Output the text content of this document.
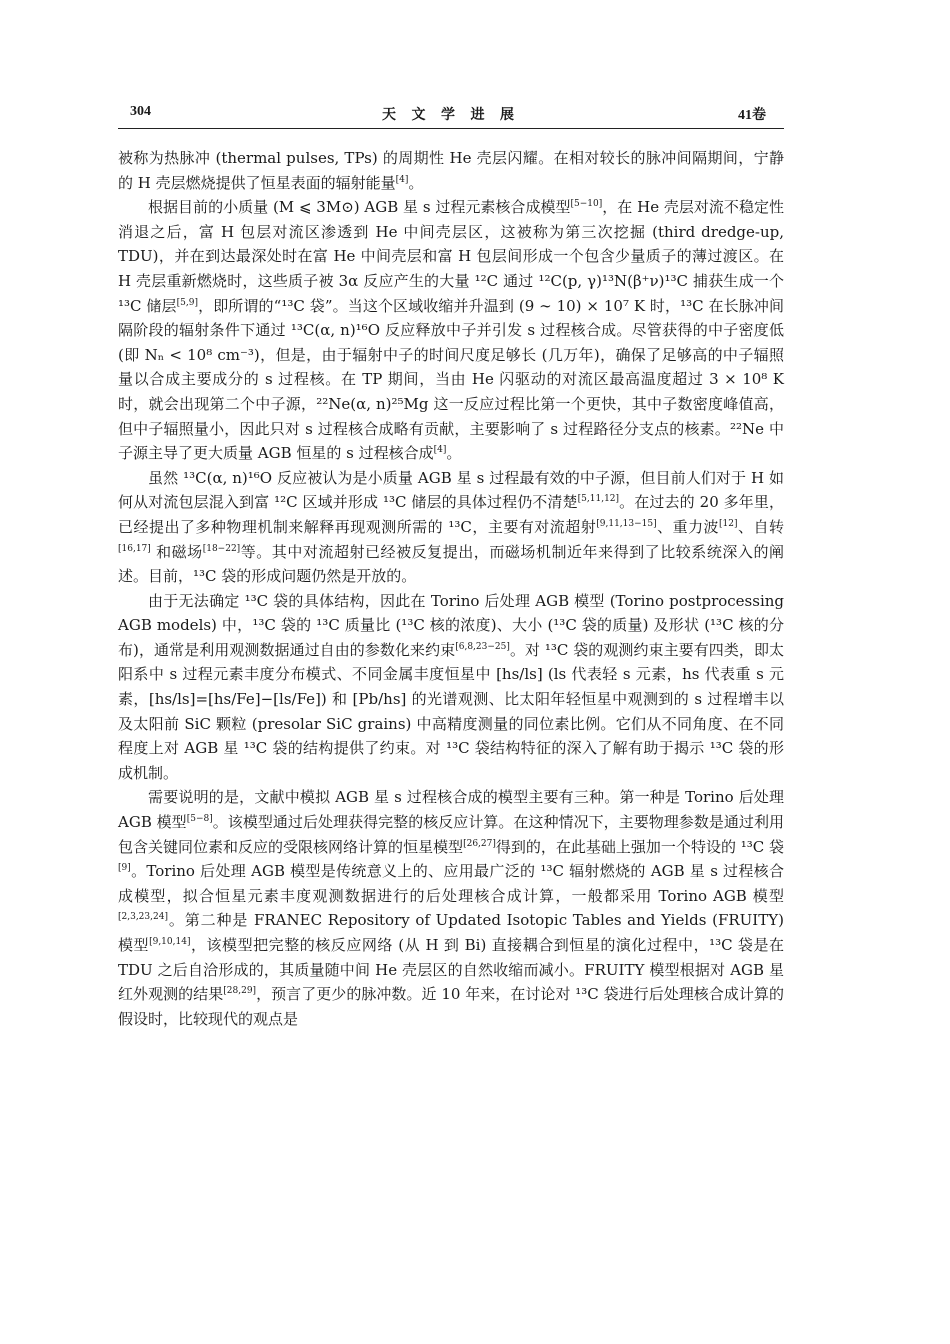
304	天 文 学 进 展	41卷

被称为热脉冲 (thermal pulses, TPs) 的周期性 He 壳层闪耀。在相对较长的脉冲间隔期间，宁静的 H 壳层燃烧提供了恒星表面的辐射能量[4]。

根据目前的小质量 (M ⩽ 3M⊙) AGB 星 s 过程元素核合成模型[5−10]，在 He 壳层对流不稳定性消退之后，富 H 包层对流区渗透到 He 中间壳层区，这被称为第三次挖掘 (third dredge-up, TDU)，并在到达最深处时在富 He 中间壳层和富 H 包层间形成一个包含少量质子的薄过渡区。在 H 壳层重新燃烧时，这些质子被 3α 反应产生的大量 ¹²C 通过 ¹²C(p, γ)¹³N(β⁺ν)¹³C 捕获生成一个 ¹³C 储层[5,9]，即所谓的“¹³C 袋”。当这个区域收缩并升温到 (9 ∼ 10) × 10⁷ K 时，¹³C 在长脉冲间隔阶段的辐射条件下通过 ¹³C(α, n)¹⁶O 反应释放中子并引发 s 过程核合成。尽管获得的中子密度低 (即 Nₙ < 10⁸ cm⁻³)，但是，由于辐射中子的时间尺度足够长 (几万年)，确保了足够高的中子辐照量以合成主要成分的 s 过程核。在 TP 期间，当由 He 闪驱动的对流区最高温度超过 3 × 10⁸ K 时，就会出现第二个中子源，²²Ne(α, n)²⁵Mg 这一反应过程比第一个更快，其中子数密度峰值高，但中子辐照量小，因此只对 s 过程核合成略有贡献，主要影响了 s 过程路径分支点的核素。²²Ne 中子源主导了更大质量 AGB 恒星的 s 过程核合成[4]。

虽然 ¹³C(α, n)¹⁶O 反应被认为是小质量 AGB 星 s 过程最有效的中子源，但目前人们对于 H 如何从对流包层混入到富 ¹²C 区域并形成 ¹³C 储层的具体过程仍不清楚[5,11,12]。在过去的 20 多年里，已经提出了多种物理机制来解释再现观测所需的 ¹³C，主要有对流超射[9,11,13−15]、重力波[12]、自转[16,17] 和磁场[18−22]等。其中对流超射已经被反复提出，而磁场机制近年来得到了比较系统深入的阐述。目前，¹³C 袋的形成问题仍然是开放的。

由于无法确定 ¹³C 袋的具体结构，因此在 Torino 后处理 AGB 模型 (Torino postprocessing AGB models) 中，¹³C 袋的 ¹³C 质量比 (¹³C 核的浓度)、大小 (¹³C 袋的质量) 及形状 (¹³C 核的分布)，通常是利用观测数据通过自由的参数化来约束[6,8,23−25]。对 ¹³C 袋的观测约束主要有四类，即太阳系中 s 过程元素丰度分布模式、不同金属丰度恒星中 [hs/ls] (ls 代表轻 s 元素，hs 代表重 s 元素，[hs/ls]=[hs/Fe]−[ls/Fe]) 和 [Pb/hs] 的光谱观测、比太阳年轻恒星中观测到的 s 过程增丰以及太阳前 SiC 颗粒 (presolar SiC grains) 中高精度测量的同位素比例。它们从不同角度、在不同程度上对 AGB 星 ¹³C 袋的结构提供了约束。对 ¹³C 袋结构特征的深入了解有助于揭示 ¹³C 袋的形成机制。

需要说明的是，文献中模拟 AGB 星 s 过程核合成的模型主要有三种。第一种是 Torino 后处理 AGB 模型[5−8]。该模型通过后处理获得完整的核反应计算。在这种情况下，主要物理参数是通过利用包含关键同位素和反应的受限核网络计算的恒星模型[26,27]得到的，在此基础上强加一个特设的 ¹³C 袋[9]。Torino 后处理 AGB 模型是传统意义上的、应用最广泛的 ¹³C 辐射燃烧的 AGB 星 s 过程核合成模型，拟合恒星元素丰度观测数据进行的后处理核合成计算，一般都采用 Torino AGB 模型[2,3,23,24]。第二种是 FRANEC Repository of Updated Isotopic Tables and Yields (FRUITY) 模型[9,10,14]，该模型把完整的核反应网络 (从 H 到 Bi) 直接耦合到恒星的演化过程中，¹³C 袋是在 TDU 之后自洽形成的，其质量随中间 He 壳层区的自然收缩而减小。FRUITY 模型根据对 AGB 星红外观测的结果[28,29]，预言了更少的脉冲数。近 10 年来，在讨论对 ¹³C 袋进行后处理核合成计算的假设时，比较现代的观点是
